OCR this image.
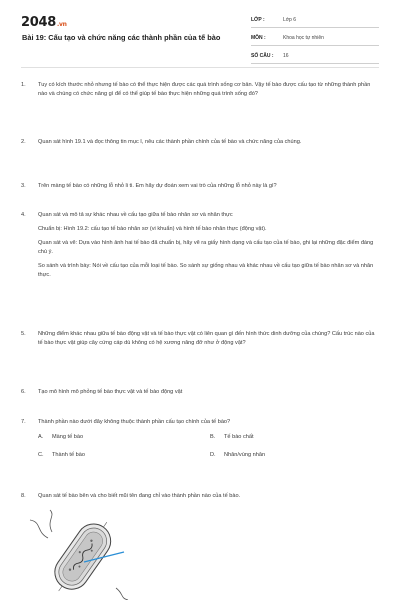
2048.vn
Bài 19: Cấu tạo và chức năng các thành phần của tế bào
LỚP :	Lớp 6
MÔN :	Khoa học tự nhiên
SỐ CÂU :	16
1.	Tuy có kích thước nhỏ nhưng tế bào có thể thực hiện được các quá trình sống cơ bản. Vậy tế bào được cấu tạo từ những thành phần nào và chúng có chức năng gì để có thể giúp tế bào thực hiện những quá trình sống đó?

2.	Quan sát hình 19.1 và đọc thông tin mục I, nêu các thành phần chính của tế bào và chức năng của chúng.

3.	Trên màng tế bào có những lỗ nhỏ li ti. Em hãy dự đoán xem vai trò của những lỗ nhỏ này là gì?

4.	Quan sát và mô tả sự khác nhau về cấu tạo giữa tế bào nhân sơ và nhân thực

Chuẩn bị: Hình 19.2: cấu tạo tế bào nhân sơ (vi khuẩn) và hình tế bào nhân thực (động vật).

Quan sát và vẽ: Dựa vào hình ảnh hai tế bào đã chuẩn bị, hãy vẽ ra giấy hình dạng và cấu tạo của tế bào, ghi lại những đặc điểm đáng chú ý.

So sánh và trình bày: Nói về cấu tạo của mỗi loại tế bào. So sánh sự giống nhau và khác nhau về cấu tạo giữa tế bào nhân sơ và nhân thực.

5.	Những điểm khác nhau giữa tế bào động vật và tế bào thực vật có liên quan gì đến hình thức dinh dưỡng của chúng? Cấu trúc nào của tế bào thực vật giúp cây cứng cáp dù không có hệ xương nâng đỡ như ở động vật?

6.	Tạo mô hình mô phỏng tế bào thực vật và tế bào động vật

7.	Thành phần nào dưới đây không thuộc thành phần cấu tạo chính của tế bào?

A.	Màng tế bào	B.	Tế bào chất
C.	Thành tế bào	D.	Nhân/vùng nhân
8.	Quan sát tế bào bên và cho biết mũi tên đang chỉ vào thành phần nào của tế bào.
